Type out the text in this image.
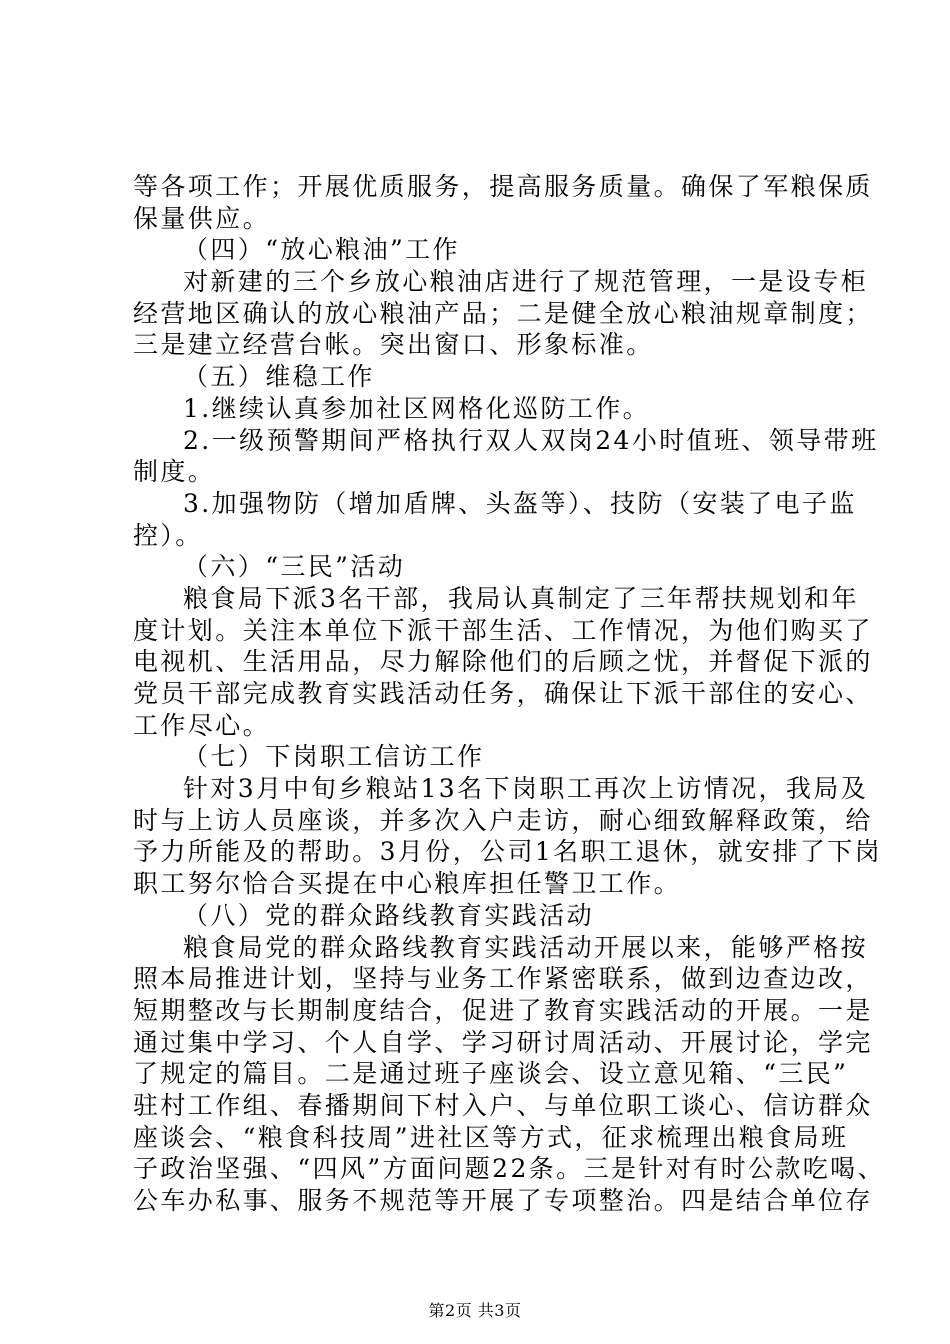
等各项工作；开展优质服务，提高服务质量。确保了军粮保质
保量供应。
（四）“放心粮油”工作
对新建的三个乡放心粮油店进行了规范管理，一是设专柜
经营地区确认的放心粮油产品；二是健全放心粮油规章制度；
三是建立经营台帐。突出窗口、形象标准。
（五）维稳工作
1.继续认真参加社区网格化巡防工作。
2.一级预警期间严格执行双人双岗24小时值班、领导带班
制度。
3.加强物防（增加盾牌、头盔等）、技防（安装了电子监
控）。
（六）“三民”活动
粮食局下派3名干部，我局认真制定了三年帮扶规划和年
度计划。关注本单位下派干部生活、工作情况，为他们购买了
电视机、生活用品，尽力解除他们的后顾之忧，并督促下派的
党员干部完成教育实践活动任务，确保让下派干部住的安心、
工作尽心。
（七）下岗职工信访工作
针对3月中旬乡粮站13名下岗职工再次上访情况，我局及
时与上访人员座谈，并多次入户走访，耐心细致解释政策，给
予力所能及的帮助。3月份，公司1名职工退休，就安排了下岗
职工努尔恰合买提在中心粮库担任警卫工作。
（八）党的群众路线教育实践活动
粮食局党的群众路线教育实践活动开展以来，能够严格按
照本局推进计划，坚持与业务工作紧密联系，做到边查边改，
短期整改与长期制度结合，促进了教育实践活动的开展。一是
通过集中学习、个人自学、学习研讨周活动、开展讨论，学完
了规定的篇目。二是通过班子座谈会、设立意见箱、“三民”
驻村工作组、春播期间下村入户、与单位职工谈心、信访群众
座谈会、“粮食科技周”进社区等方式，征求梳理出粮食局班
子政治坚强、“四风”方面问题22条。三是针对有时公款吃喝、
公车办私事、服务不规范等开展了专项整治。四是结合单位存
第2页 共3页
